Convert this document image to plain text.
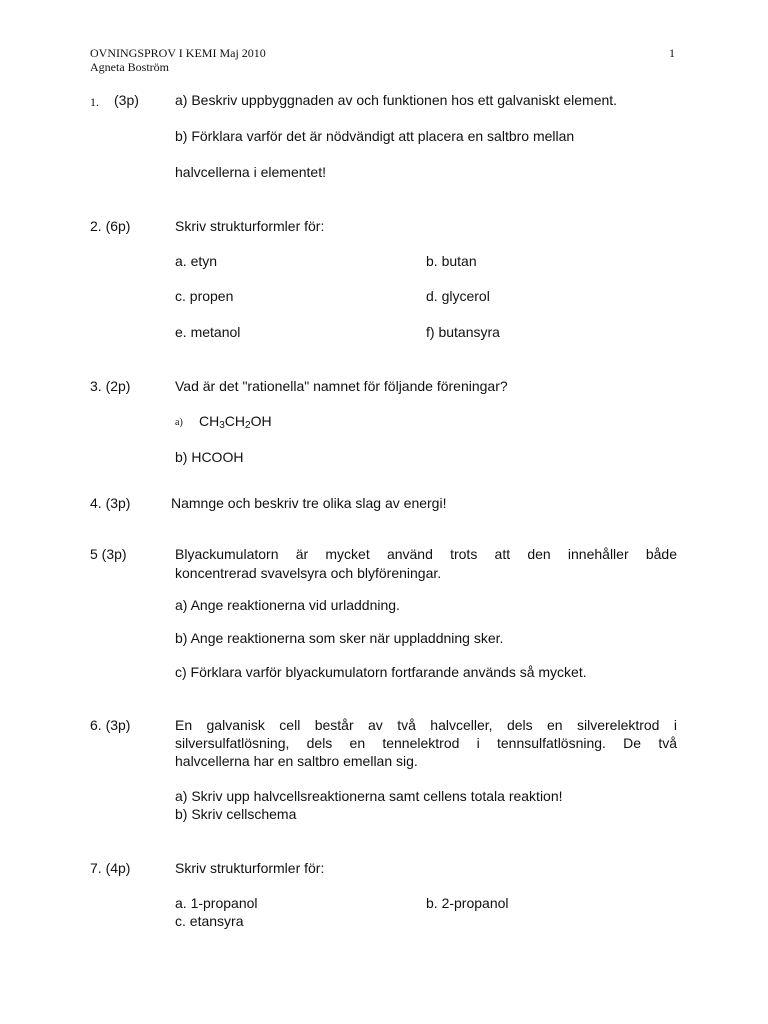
OVNINGSPROV I KEMI Maj 2010
Agneta Boström
1
1. (3p)	a) Beskriv uppbyggnaden av och funktionen hos ett galvaniskt element.
b) Förklara varför det är nödvändigt att placera en saltbro mellan
halvcellerna i elementet!
2. (6p)	Skriv strukturformler för:
a. etyn	b. butan
c. propen	d. glycerol
e. metanol	f) butansyra
3. (2p)	Vad är det "rationella" namnet för följande föreningar?
a) $CH_3CH_2OH$
b) HCOOH
4. (3p)	Namnge och beskriv tre olika slag av energi!
5 (3p)	Blyackumulatorn är mycket använd trots att den innehåller både
koncentrerad svavelsyra och blyföreningar.
a) Ange reaktionerna vid urladdning.
b) Ange reaktionerna som sker när uppladdning sker.
c) Förklara varför blyackumulatorn fortfarande används så mycket.
6. (3p)	En galvanisk cell består av två halvceller, dels en silverelektrod i
silversulfatlösning, dels en tennelektrod i tennsulfatlösning. De två
halvcellerna har en saltbro emellan sig.
a) Skriv upp halvcellsreaktionerna samt cellens totala reaktion!
b) Skriv cellschema
7. (4p)	Skriv strukturformler för:
a. 1-propanol	b. 2-propanol
c. etansyra
